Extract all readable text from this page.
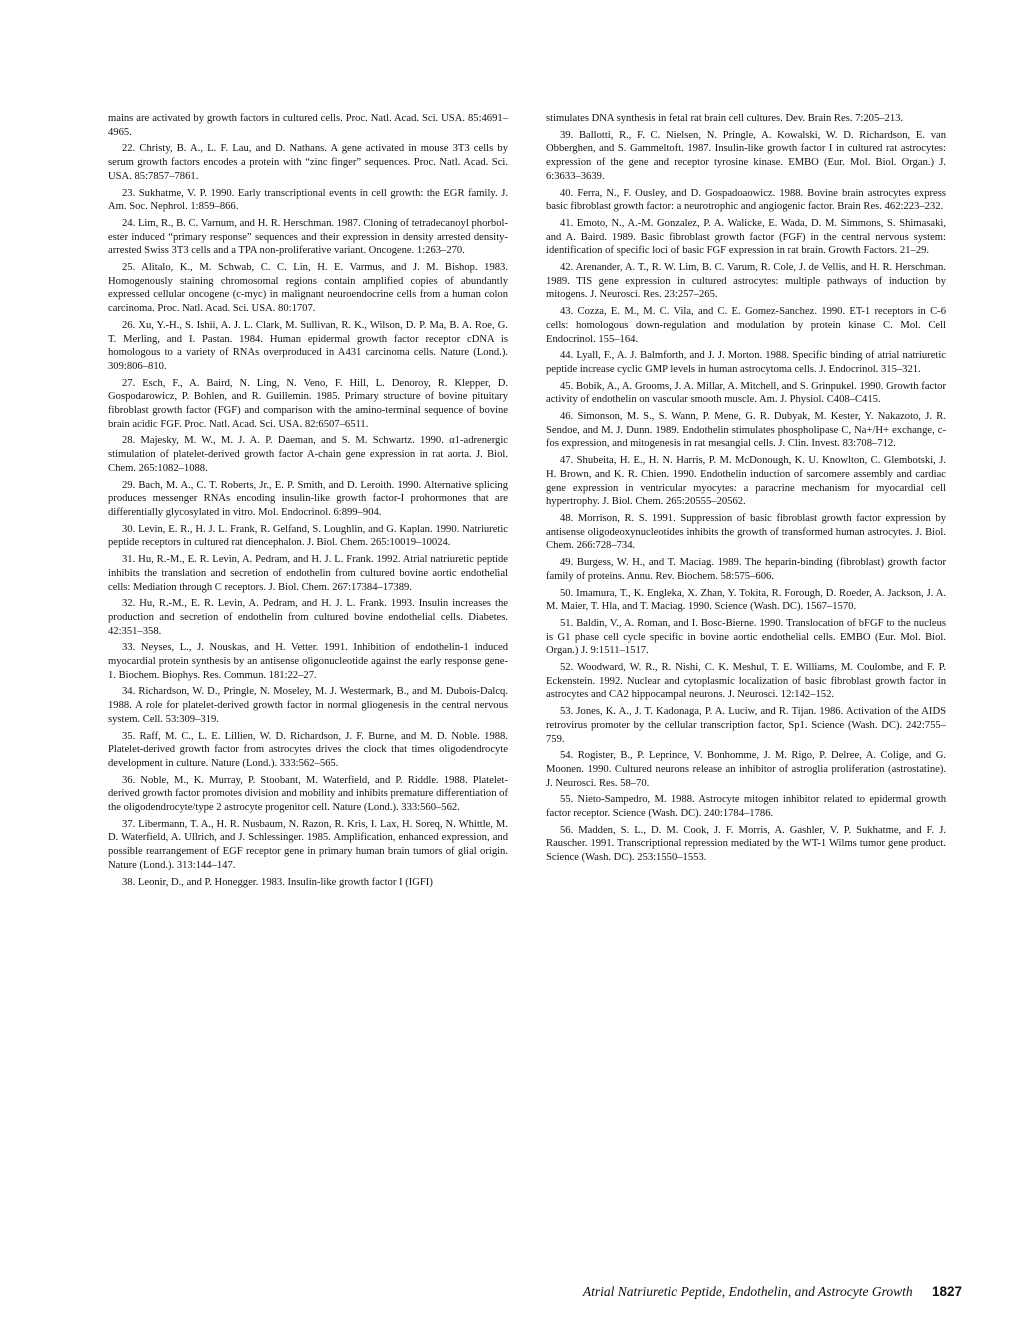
mains are activated by growth factors in cultured cells. Proc. Natl. Acad. Sci. USA. 85:4691–4965.

22. Christy, B. A., L. F. Lau, and D. Nathans. A gene activated in mouse 3T3 cells by serum growth factors encodes a protein with “zinc finger” sequences. Proc. Natl. Acad. Sci. USA. 85:7857–7861.

23. Sukhatme, V. P. 1990. Early transcriptional events in cell growth: the EGR family. J. Am. Soc. Nephrol. 1:859–866.

24. Lim, R., B. C. Varnum, and H. R. Herschman. 1987. Cloning of tetradecanoyl phorbol-ester induced “primary response” sequences and their expression in density arrested density-arrested Swiss 3T3 cells and a TPA non-proliferative variant. Oncogene. 1:263–270.

25. Alitalo, K., M. Schwab, C. C. Lin, H. E. Varmus, and J. M. Bishop. 1983. Homogenously staining chromosomal regions contain amplified copies of abundantly expressed cellular oncogene (c-myc) in malignant neuroendocrine cells from a human colon carcinoma. Proc. Natl. Acad. Sci. USA. 80:1707.

26. Xu, Y.-H., S. Ishii, A. J. L. Clark, M. Sullivan, R. K., Wilson, D. P. Ma, B. A. Roe, G. T. Merling, and I. Pastan. 1984. Human epidermal growth factor receptor cDNA is homologous to a variety of RNAs overproduced in A431 carcinoma cells. Nature (Lond.). 309:806–810.

27. Esch, F., A. Baird, N. Ling, N. Veno, F. Hill, L. Denoroy, R. Klepper, D. Gospodarowicz, P. Bohlen, and R. Guillemin. 1985. Primary structure of bovine pituitary fibroblast growth factor (FGF) and comparison with the amino-terminal sequence of bovine brain acidic FGF. Proc. Natl. Acad. Sci. USA. 82:6507–6511.

28. Majesky, M. W., M. J. A. P. Daeman, and S. M. Schwartz. 1990. α1-adrenergic stimulation of platelet-derived growth factor A-chain gene expression in rat aorta. J. Biol. Chem. 265:1082–1088.

29. Bach, M. A., C. T. Roberts, Jr., E. P. Smith, and D. Leroith. 1990. Alternative splicing produces messenger RNAs encoding insulin-like growth factor-I prohormones that are differentially glycosylated in vitro. Mol. Endocrinol. 6:899–904.

30. Levin, E. R., H. J. L. Frank, R. Gelfand, S. Loughlin, and G. Kaplan. 1990. Natriuretic peptide receptors in cultured rat diencephalon. J. Biol. Chem. 265:10019–10024.

31. Hu, R.-M., E. R. Levin, A. Pedram, and H. J. L. Frank. 1992. Atrial natriuretic peptide inhibits the translation and secretion of endothelin from cultured bovine aortic endothelial cells: Mediation through C receptors. J. Biol. Chem. 267:17384–17389.

32. Hu, R.-M., E. R. Levin, A. Pedram, and H. J. L. Frank. 1993. Insulin increases the production and secretion of endothelin from cultured bovine endothelial cells. Diabetes. 42:351–358.

33. Neyses, L., J. Nouskas, and H. Vetter. 1991. Inhibition of endothelin-1 induced myocardial protein synthesis by an antisense oligonucleotide against the early response gene-1. Biochem. Biophys. Res. Commun. 181:22–27.

34. Richardson, W. D., Pringle, N. Moseley, M. J. Westermark, B., and M. Dubois-Dalcq. 1988. A role for platelet-derived growth factor in normal gliogenesis in the central nervous system. Cell. 53:309–319.

35. Raff, M. C., L. E. Lillien, W. D. Richardson, J. F. Burne, and M. D. Noble. 1988. Platelet-derived growth factor from astrocytes drives the clock that times oligodendrocyte development in culture. Nature (Lond.). 333:562–565.

36. Noble, M., K. Murray, P. Stoobant, M. Waterfield, and P. Riddle. 1988. Platelet-derived growth factor promotes division and mobility and inhibits premature differentiation of the oligodendrocyte/type 2 astrocyte progenitor cell. Nature (Lond.). 333:560–562.

37. Libermann, T. A., H. R. Nusbaum, N. Razon, R. Kris, I. Lax, H. Soreq, N. Whittle, M. D. Waterfield, A. Ullrich, and J. Schlessinger. 1985. Amplification, enhanced expression, and possible rearrangement of EGF receptor gene in primary human brain tumors of glial origin. Nature (Lond.). 313:144–147.

38. Leonir, D., and P. Honegger. 1983. Insulin-like growth factor I (IGFI)

stimulates DNA synthesis in fetal rat brain cell cultures. Dev. Brain Res. 7:205–213.

39. Ballotti, R., F. C. Nielsen, N. Pringle, A. Kowalski, W. D. Richardson, E. van Obberghen, and S. Gammeltoft. 1987. Insulin-like growth factor I in cultured rat astrocytes: expression of the gene and receptor tyrosine kinase. EMBO (Eur. Mol. Biol. Organ.) J. 6:3633–3639.

40. Ferra, N., F. Ousley, and D. Gospadoaowicz. 1988. Bovine brain astrocytes express basic fibroblast growth factor: a neurotrophic and angiogenic factor. Brain Res. 462:223–232.

41. Emoto, N., A.-M. Gonzalez, P. A. Walicke, E. Wada, D. M. Simmons, S. Shimasaki, and A. Baird. 1989. Basic fibroblast growth factor (FGF) in the central nervous system: identification of specific loci of basic FGF expression in rat brain. Growth Factors. 21–29.

42. Arenander, A. T., R. W. Lim, B. C. Varum, R. Cole, J. de Vellis, and H. R. Herschman. 1989. TIS gene expression in cultured astrocytes: multiple pathways of induction by mitogens. J. Neurosci. Res. 23:257–265.

43. Cozza, E. M., M. C. Vila, and C. E. Gomez-Sanchez. 1990. ET-1 receptors in C-6 cells: homologous down-regulation and modulation by protein kinase C. Mol. Cell Endocrinol. 155–164.

44. Lyall, F., A. J. Balmforth, and J. J. Morton. 1988. Specific binding of atrial natriuretic peptide increase cyclic GMP levels in human astrocytoma cells. J. Endocrinol. 315–321.

45. Bobik, A., A. Grooms, J. A. Millar, A. Mitchell, and S. Grinpukel. 1990. Growth factor activity of endothelin on vascular smooth muscle. Am. J. Physiol. C408–C415.

46. Simonson, M. S., S. Wann, P. Mene, G. R. Dubyak, M. Kester, Y. Nakazoto, J. R. Sendoe, and M. J. Dunn. 1989. Endothelin stimulates phospholipase C, Na+/H+ exchange, c-fos expression, and mitogenesis in rat mesangial cells. J. Clin. Invest. 83:708–712.

47. Shubeita, H. E., H. N. Harris, P. M. McDonough, K. U. Knowlton, C. Glembotski, J. H. Brown, and K. R. Chien. 1990. Endothelin induction of sarcomere assembly and cardiac gene expression in ventricular myocytes: a paracrine mechanism for myocardial cell hypertrophy. J. Biol. Chem. 265:20555–20562.

48. Morrison, R. S. 1991. Suppression of basic fibroblast growth factor expression by antisense oligodeoxynucleotides inhibits the growth of transformed human astrocytes. J. Biol. Chem. 266:728–734.

49. Burgess, W. H., and T. Maciag. 1989. The heparin-binding (fibroblast) growth factor family of proteins. Annu. Rev. Biochem. 58:575–606.

50. Imamura, T., K. Engleka, X. Zhan, Y. Tokita, R. Forough, D. Roeder, A. Jackson, J. A. M. Maier, T. Hla, and T. Maciag. 1990. Science (Wash. DC). 1567–1570.

51. Baldin, V., A. Roman, and I. Bosc-Bierne. 1990. Translocation of bFGF to the nucleus is G1 phase cell cycle specific in bovine aortic endothelial cells. EMBO (Eur. Mol. Biol. Organ.) J. 9:1511–1517.

52. Woodward, W. R., R. Nishi, C. K. Meshul, T. E. Williams, M. Coulombe, and F. P. Eckenstein. 1992. Nuclear and cytoplasmic localization of basic fibroblast growth factor in astrocytes and CA2 hippocampal neurons. J. Neurosci. 12:142–152.

53. Jones, K. A., J. T. Kadonaga, P. A. Luciw, and R. Tijan. 1986. Activation of the AIDS retrovirus promoter by the cellular transcription factor, Sp1. Science (Wash. DC). 242:755–759.

54. Rogister, B., P. Leprince, V. Bonhomme, J. M. Rigo, P. Delree, A. Colige, and G. Moonen. 1990. Cultured neurons release an inhibitor of astroglia proliferation (astrostatine). J. Neurosci. Res. 58–70.

55. Nieto-Sampedro, M. 1988. Astrocyte mitogen inhibitor related to epidermal growth factor receptor. Science (Wash. DC). 240:1784–1786.

56. Madden, S. L., D. M. Cook, J. F. Morris, A. Gashler, V. P. Sukhatme, and F. J. Rauscher. 1991. Transcriptional repression mediated by the WT-1 Wilms tumor gene product. Science (Wash. DC). 253:1550–1553.

Atrial Natriuretic Peptide, Endothelin, and Astrocyte Growth 1827
